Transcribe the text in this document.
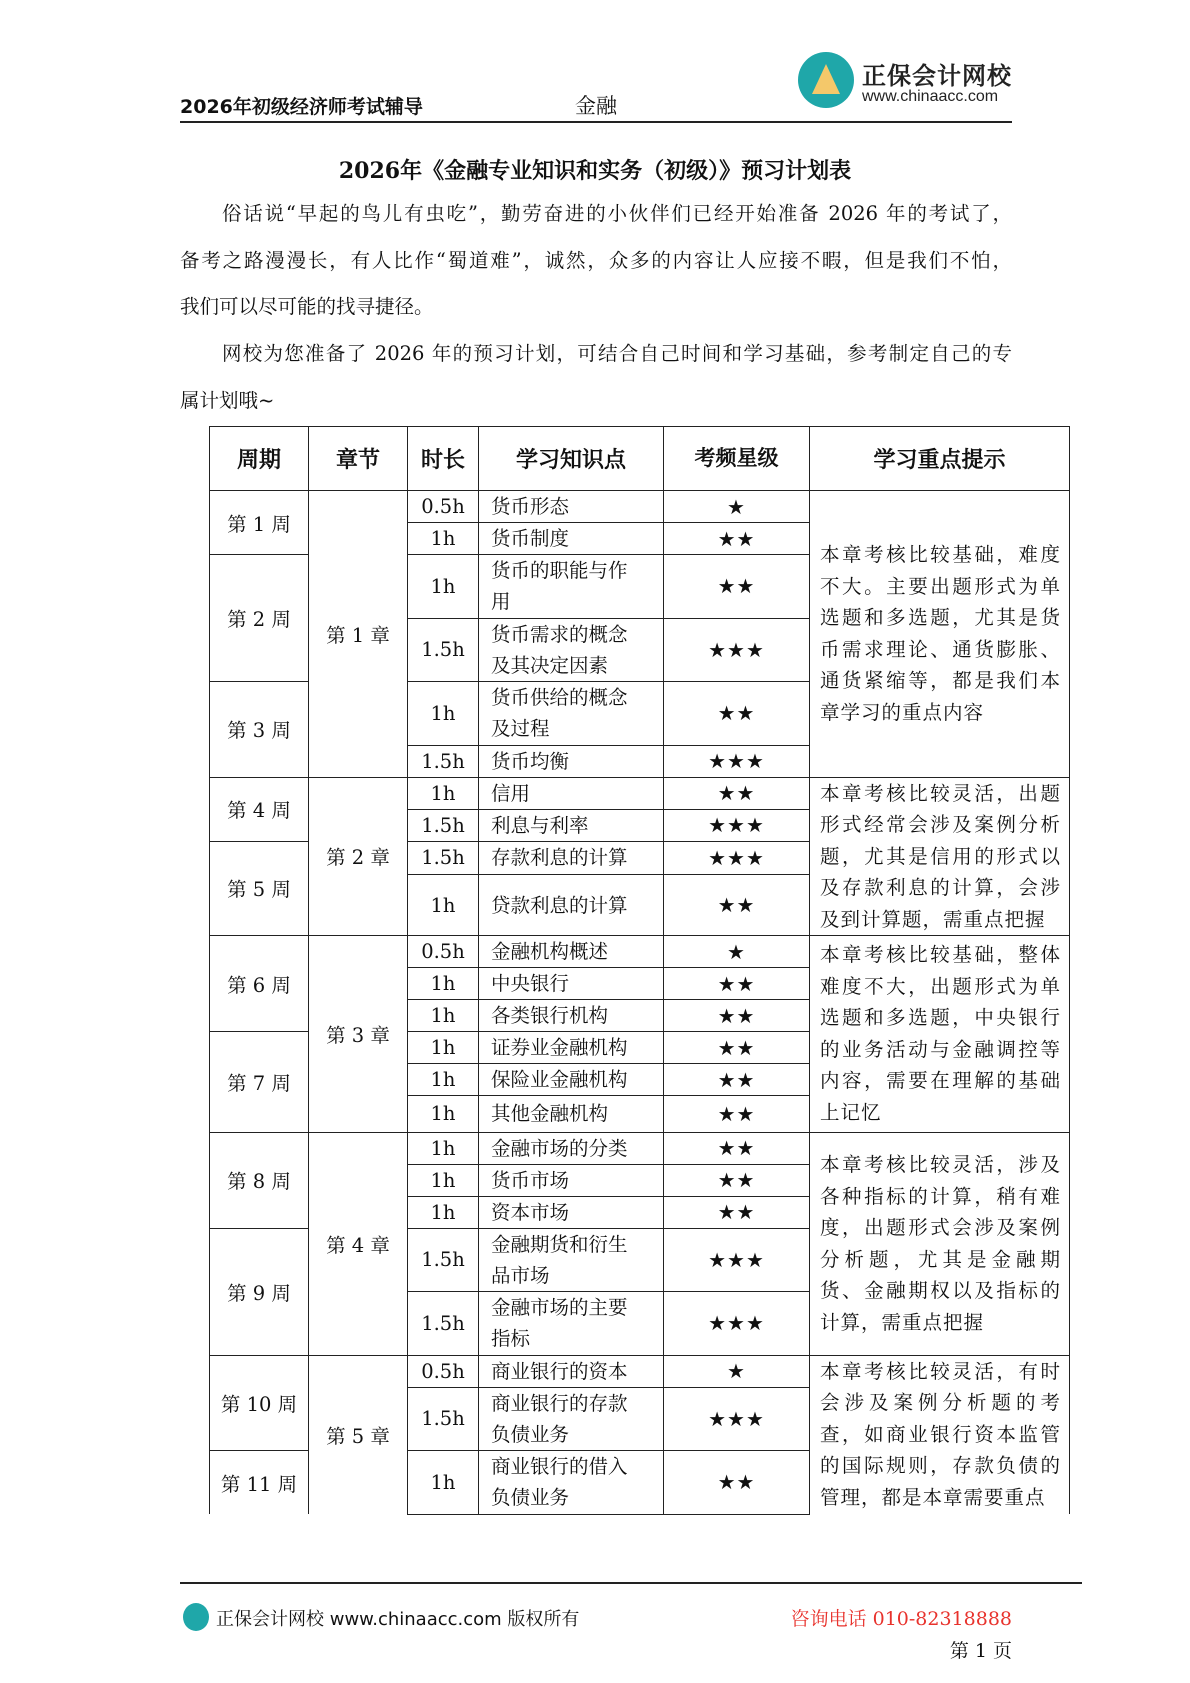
2026年初级经济师考试辅导	金融
正保会计网校
www.chinaacc.com
2026年《金融专业知识和实务（初级）》预习计划表
俗话说“早起的鸟儿有虫吃”，勤劳奋进的小伙伴们已经开始准备 2026 年的考试了，
备考之路漫漫长，有人比作“蜀道难”，诚然，众多的内容让人应接不暇，但是我们不怕，
我们可以尽可能的找寻捷径。
网校为您准备了 2026 年的预习计划，可结合自己时间和学习基础，参考制定自己的专
属计划哦~
周期	章节	时长	学习知识点	考频星级	学习重点提示
第 1 周	第 1 章	0.5h	货币形态	★	本章考核比较基础，难度不大。主要出题形式为单选题和多选题，尤其是货币需求理论、通货膨胀、通货紧缩等，都是我们本章学习的重点内容
		1h	货币制度	★★	
第 2 周		1h	货币的职能与作用	★★	
		1.5h	货币需求的概念及其决定因素	★★★	
第 3 周		1h	货币供给的概念及过程	★★	
		1.5h	货币均衡	★★★	
第 4 周	第 2 章	1h	信用	★★	本章考核比较灵活，出题形式经常会涉及案例分析题，尤其是信用的形式以及存款利息的计算，会涉及到计算题，需重点把握
		1.5h	利息与利率	★★★	
第 5 周		1.5h	存款利息的计算	★★★	
		1h	贷款利息的计算	★★	
第 6 周	第 3 章	0.5h	金融机构概述	★	本章考核比较基础，整体难度不大，出题形式为单选题和多选题，中央银行的业务活动与金融调控等内容，需要在理解的基础上记忆
		1h	中央银行	★★	
		1h	各类银行机构	★★	
第 7 周		1h	证券业金融机构	★★	
		1h	保险业金融机构	★★	
		1h	其他金融机构	★★	
第 8 周	第 4 章	1h	金融市场的分类	★★	本章考核比较灵活，涉及各种指标的计算，稍有难度，出题形式会涉及案例分析题，尤其是金融期货、金融期权以及指标的计算，需重点把握
		1h	货币市场	★★	
		1h	资本市场	★★	
第 9 周		1.5h	金融期货和衍生品市场	★★★	
		1.5h	金融市场的主要指标	★★★	
第 10 周	第 5 章	0.5h	商业银行的资本	★	本章考核比较灵活，有时会涉及案例分析题的考查，如商业银行资本监管的国际规则，存款负债的管理，都是本章需要重点
		1.5h	商业银行的存款负债业务	★★★	
第 11 周		1h	商业银行的借入负债业务	★★	
正保会计网校 www.chinaacc.com 版权所有	咨询电话 010-82318888
第 1 页
